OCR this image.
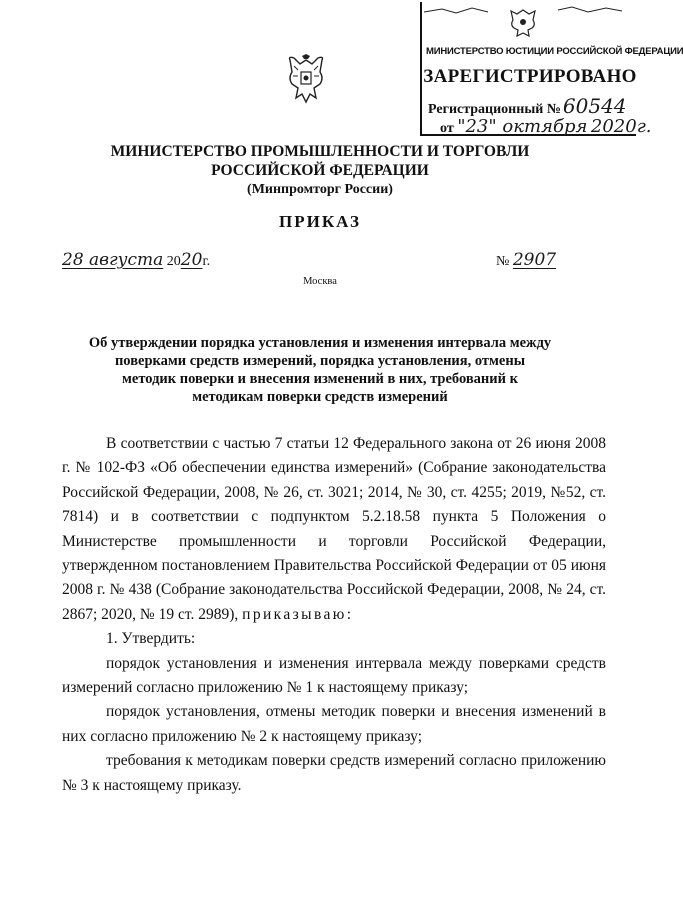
МИНИСТЕРСТВО ЮСТИЦИИ РОССИЙСКОЙ ФЕДЕРАЦИИ
ЗАРЕГИСТРИРОВАНО
Регистрационный № 60544
от "23" октября 2020г.
МИНИСТЕРСТВО ПРОМЫШЛЕННОСТИ И ТОРГОВЛИ
РОССИЙСКОЙ ФЕДЕРАЦИИ
(Минпромторг России)
ПРИКАЗ
28 августа 2020г.	№ 2907
Москва
Об утверждении порядка установления и изменения интервала между поверками средств измерений, порядка установления, отмены методик поверки и внесения изменений в них, требований к методикам поверки средств измерений

В соответствии с частью 7 статьи 12 Федерального закона от 26 июня 2008 г. № 102-ФЗ «Об обеспечении единства измерений» (Собрание законодательства Российской Федерации, 2008, № 26, ст. 3021; 2014, № 30, ст. 4255; 2019, №52, ст. 7814) и в соответствии с подпунктом 5.2.18.58 пункта 5 Положения о Министерстве промышленности и торговли Российской Федерации, утвержденном постановлением Правительства Российской Федерации от 05 июня 2008 г. № 438 (Собрание законодательства Российской Федерации, 2008, № 24, ст. 2867; 2020, № 19 ст. 2989), приказываю:

1. Утвердить:

порядок установления и изменения интервала между поверками средств измерений согласно приложению № 1 к настоящему приказу;

порядок установления, отмены методик поверки и внесения изменений в них согласно приложению № 2 к настоящему приказу;

требования к методикам поверки средств измерений согласно приложению № 3 к настоящему приказу.
